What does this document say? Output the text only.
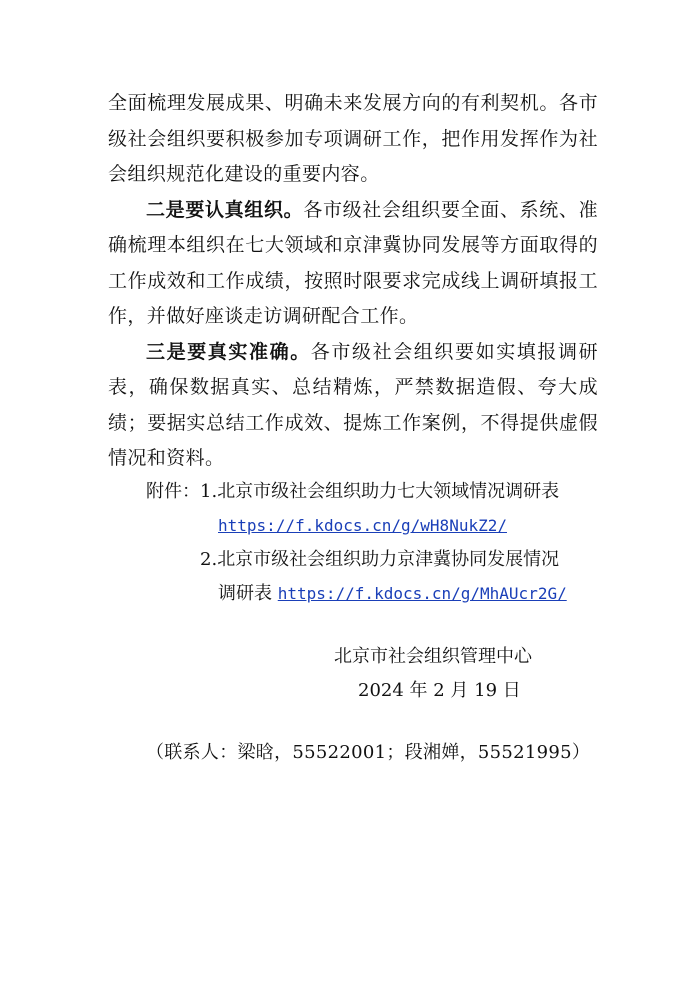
全面梳理发展成果、明确未来发展方向的有利契机。各市级社会组织要积极参加专项调研工作，把作用发挥作为社会组织规范化建设的重要内容。

二是要认真组织。各市级社会组织要全面、系统、准确梳理本组织在七大领域和京津冀协同发展等方面取得的工作成效和工作成绩，按照时限要求完成线上调研填报工作，并做好座谈走访调研配合工作。

三是要真实准确。各市级社会组织要如实填报调研表，确保数据真实、总结精炼，严禁数据造假、夸大成绩；要据实总结工作成效、提炼工作案例，不得提供虚假情况和资料。

附件：1.北京市级社会组织助力七大领域情况调研表
https://f.kdocs.cn/g/wH8NukZ2/
2.北京市级社会组织助力京津冀协同发展情况
调研表 https://f.kdocs.cn/g/MhAUcr2G/
北京市社会组织管理中心
2024 年 2 月 19 日
（联系人：梁晗，55522001；段湘婵，55521995）
